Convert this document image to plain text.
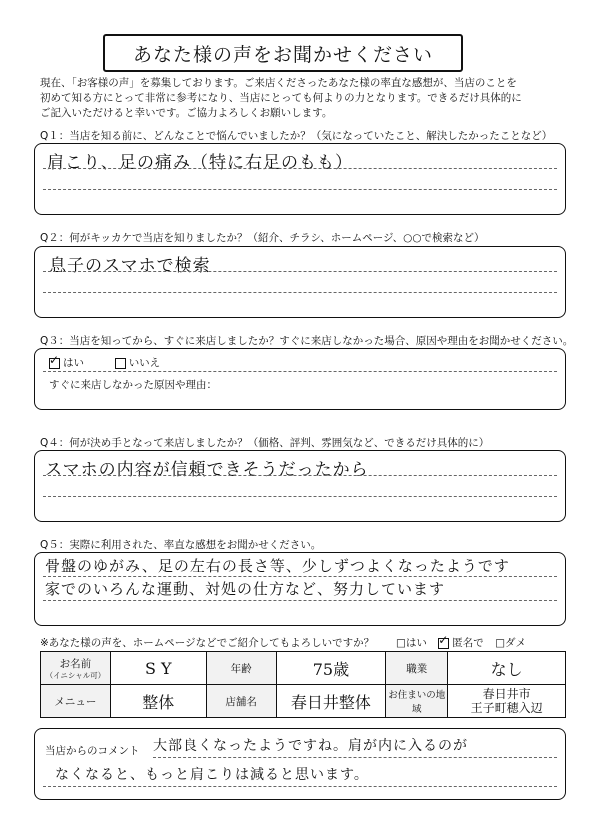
あなた様の声をお聞かせください
現在、「お客様の声」を募集しております。ご来店くださったあなた様の率直な感想が、当店のことを
初めて知る方にとって非常に参考になり、当店にとっても何よりの力となります。できるだけ具体的に
ご記入いただけると幸いです。ご協力よろしくお願いします。
Q１：当店を知る前に、どんなことで悩んでいましたか？（気になっていたこと、解決したかったことなど）
肩こり、足の痛み（特に右足のもも）
Q２：何がキッカケで当店を知りましたか？（紹介、チラシ、ホームページ、○○で検索など）
息子のスマホで検索
Q３：当店を知ってから、すぐに来店しましたか？すぐに来店しなかった場合、原因や理由をお聞かせください。
✓はい	いいえ
すぐに来店しなかった原因や理由：
Q４：何が決め手となって来店しましたか？（価格、評判、雰囲気など、できるだけ具体的に）
スマホの内容が信頼できそうだったから
Q５：実際に利用された、率直な感想をお聞かせください。
骨盤のゆがみ、足の左右の長さ等、少しずつよくなったようです
家でのいろんな運動、対処の仕方など、努力しています
※あなた様の声を、ホームページなどでご紹介してもよろしいですか？ □はい ✓ 匿名で □ダメ
お名前
（イニシャル可）	S Y	年齢	75歳	職業	なし
メニュー	整体	店舗名	春日井整体	お住まいの地域	春日井市
王子町穂入辺
当店からのコメント 大部良くなったようですね。肩が内に入るのが
なくなると、もっと肩こりは減ると思います。
